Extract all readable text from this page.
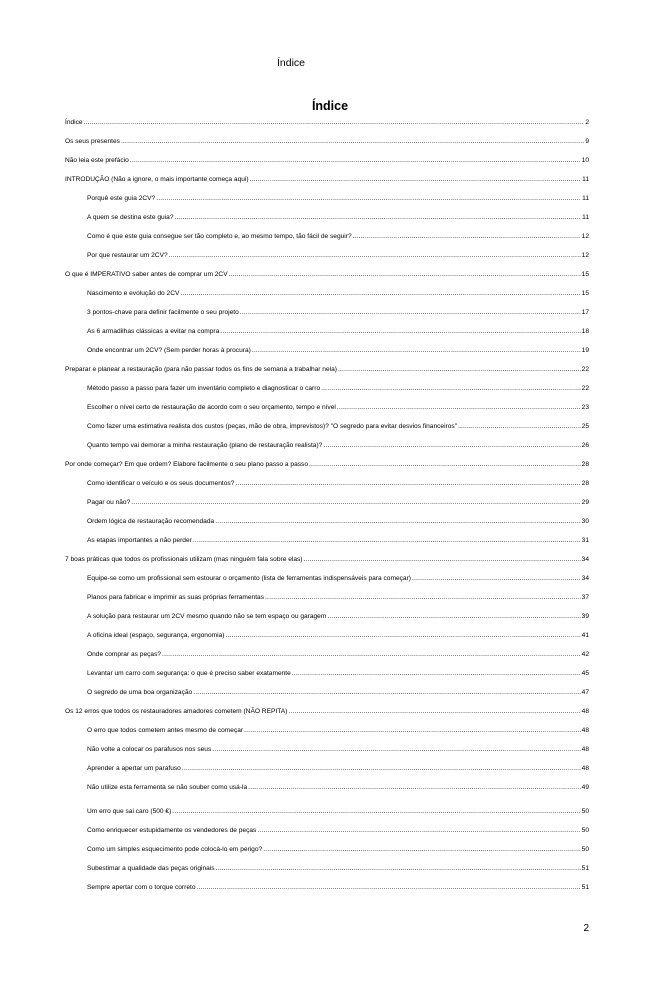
Índice
Índice
Índice .....	2
Os seus presentes .....	9
Não leia este prefácio .....	10
INTRODUÇÃO (Não a ignore, o mais importante começa aqui) .....	11
Porquê este guia 2CV? .....	11
A quem se destina este guia? .....	11
Como é que este guia consegue ser tão completo e, ao mesmo tempo, tão fácil de seguir? .....	12
Por que restaurar um 2CV? .....	12
O que é IMPERATIVO saber antes de comprar um 2CV .....	15
Nascimento e evolução do 2CV .....	15
3 pontos-chave para definir facilmente o seu projeto .....	17
As 6 armadilhas clássicas a evitar na compra .....	18
Onde encontrar um 2CV? (Sem perder horas à procura) .....	19
Preparar e planear a restauração (para não passar todos os fins de semana a trabalhar nela) .....	22
Método passo a passo para fazer um inventário completo e diagnosticar o carro .....	22
Escolher o nível certo de restauração de acordo com o seu orçamento, tempo e nível .....	23
Como fazer uma estimativa realista dos custos (peças, mão de obra, imprevistos)? "O segredo para evitar desvios financeiros" .....	25
Quanto tempo vai demorar a minha restauração (plano de restauração realista)? .....	26
Por onde começar? Em que ordem? Elabore facilmente o seu plano passo a passo .....	28
Como identificar o veículo e os seus documentos? .....	28
Pagar ou não? .....	29
Ordem lógica de restauração recomendada .....	30
As etapas importantes a não perder .....	31
7 boas práticas que todos os profissionais utilizam (mas ninguém fala sobre elas) .....	34
Equipe-se como um profissional sem estourar o orçamento (lista de ferramentas indispensáveis para começar) .....	34
Planos para fabricar e imprimir as suas próprias ferramentas .....	37
A solução para restaurar um 2CV mesmo quando não se tem espaço ou garagem .....	39
A oficina ideal (espaço, segurança, ergonomia) .....	41
Onde comprar as peças? .....	42
Levantar um carro com segurança: o que é preciso saber exatamente .....	45
O segredo de uma boa organização .....	47
Os 12 erros que todos os restauradores amadores cometem (NÃO REPITA) .....	48
O erro que todos cometem antes mesmo de começar .....	48
Não volte a colocar os parafusos nos seus .....	48
Aprender a apertar um parafuso .....	48
Não utilize esta ferramenta se não souber como usá-la .....	49
Um erro que sai caro (500 €) .....	50
Como enriquecer estupidamente os vendedores de peças .....	50
Como um simples esquecimento pode colocá-lo em perigo? .....	50
Subestimar a qualidade das peças originais .....	51
Sempre apertar com o torque correto .....	51
2
